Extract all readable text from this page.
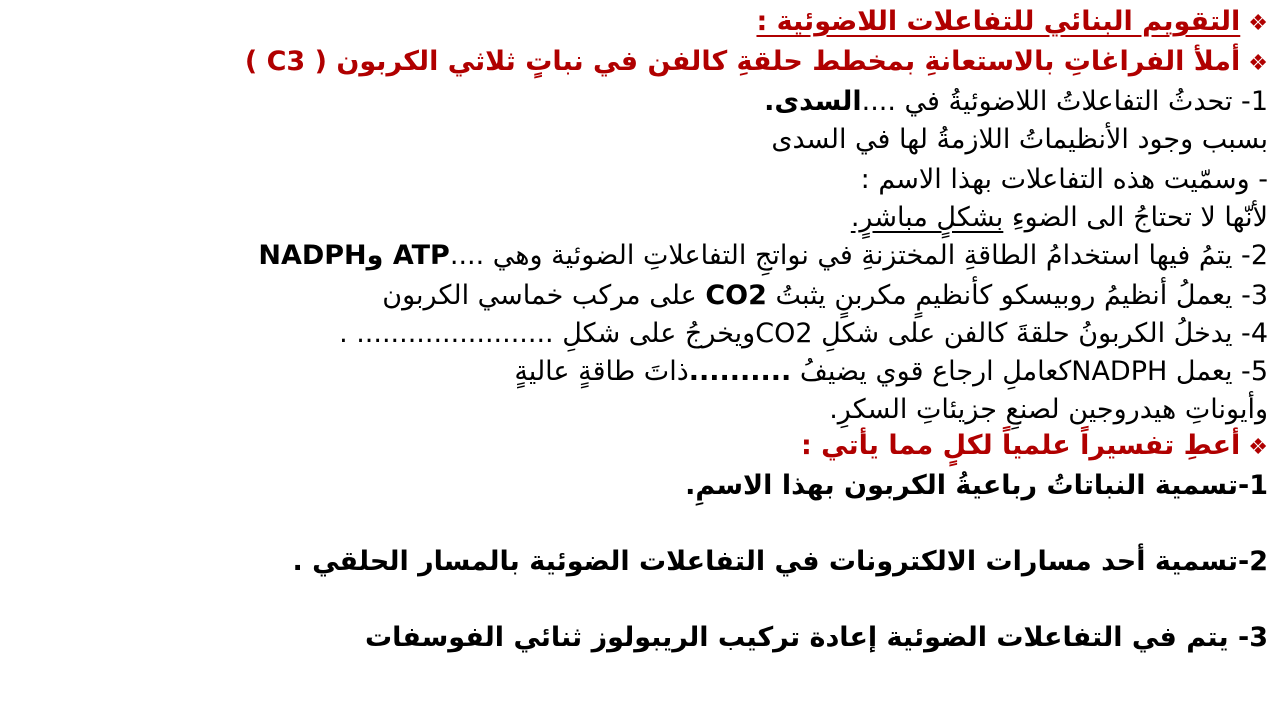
❖التقويم البنائي للتفاعلات اللاضوئية :
❖أملأ الفراغاتِ بالاستعانةِ بمخطط حلقةِ كالفن في نباتٍ ثلاثي الكربون ( C3 )
1- تحدثُ التفاعلاتُ اللاضوئيةُ في ....السدى.
بسبب وجود الأنظيماتُ اللازمةُ لها في السدى
- وسمّيت هذه التفاعلات بهذا الاسم :
لأنّها لا تحتاجُ الى الضوءِ بشكلٍ مباشرٍ.
2- يتمُ فيها استخدامُ الطاقةِ المختزنةِ في نواتجِ التفاعلاتِ الضوئية وهي ....ATP وNADPH
3- يعملُ أنظيمُ روبيسكو كأنظيمٍ مكربنٍ يثبتُ CO2 على مركب خماسي الكربون
4- يدخلُ الكربونُ حلقةَ كالفن على شكلِ CO2ويخرجُ على شكلِ ....................... .
5- يعمل NADPHكعاملِ ارجاع قوي يضيفُ ..........ذاتَ طاقةٍ عاليةٍ
وأيوناتِ هيدروجين لصنعِ جزيئاتِ السكرِ.
❖أعطِ تفسيراً علمياً لكلٍ مما يأتي :
1-تسمية النباتاتُ رباعيةُ الكربون بهذا الاسمِ.
2-تسمية أحد مسارات الالكترونات في التفاعلات الضوئية بالمسار الحلقي .
3- يتم في التفاعلات الضوئية إعادة تركيب الريبولوز ثنائي الفوسفات
